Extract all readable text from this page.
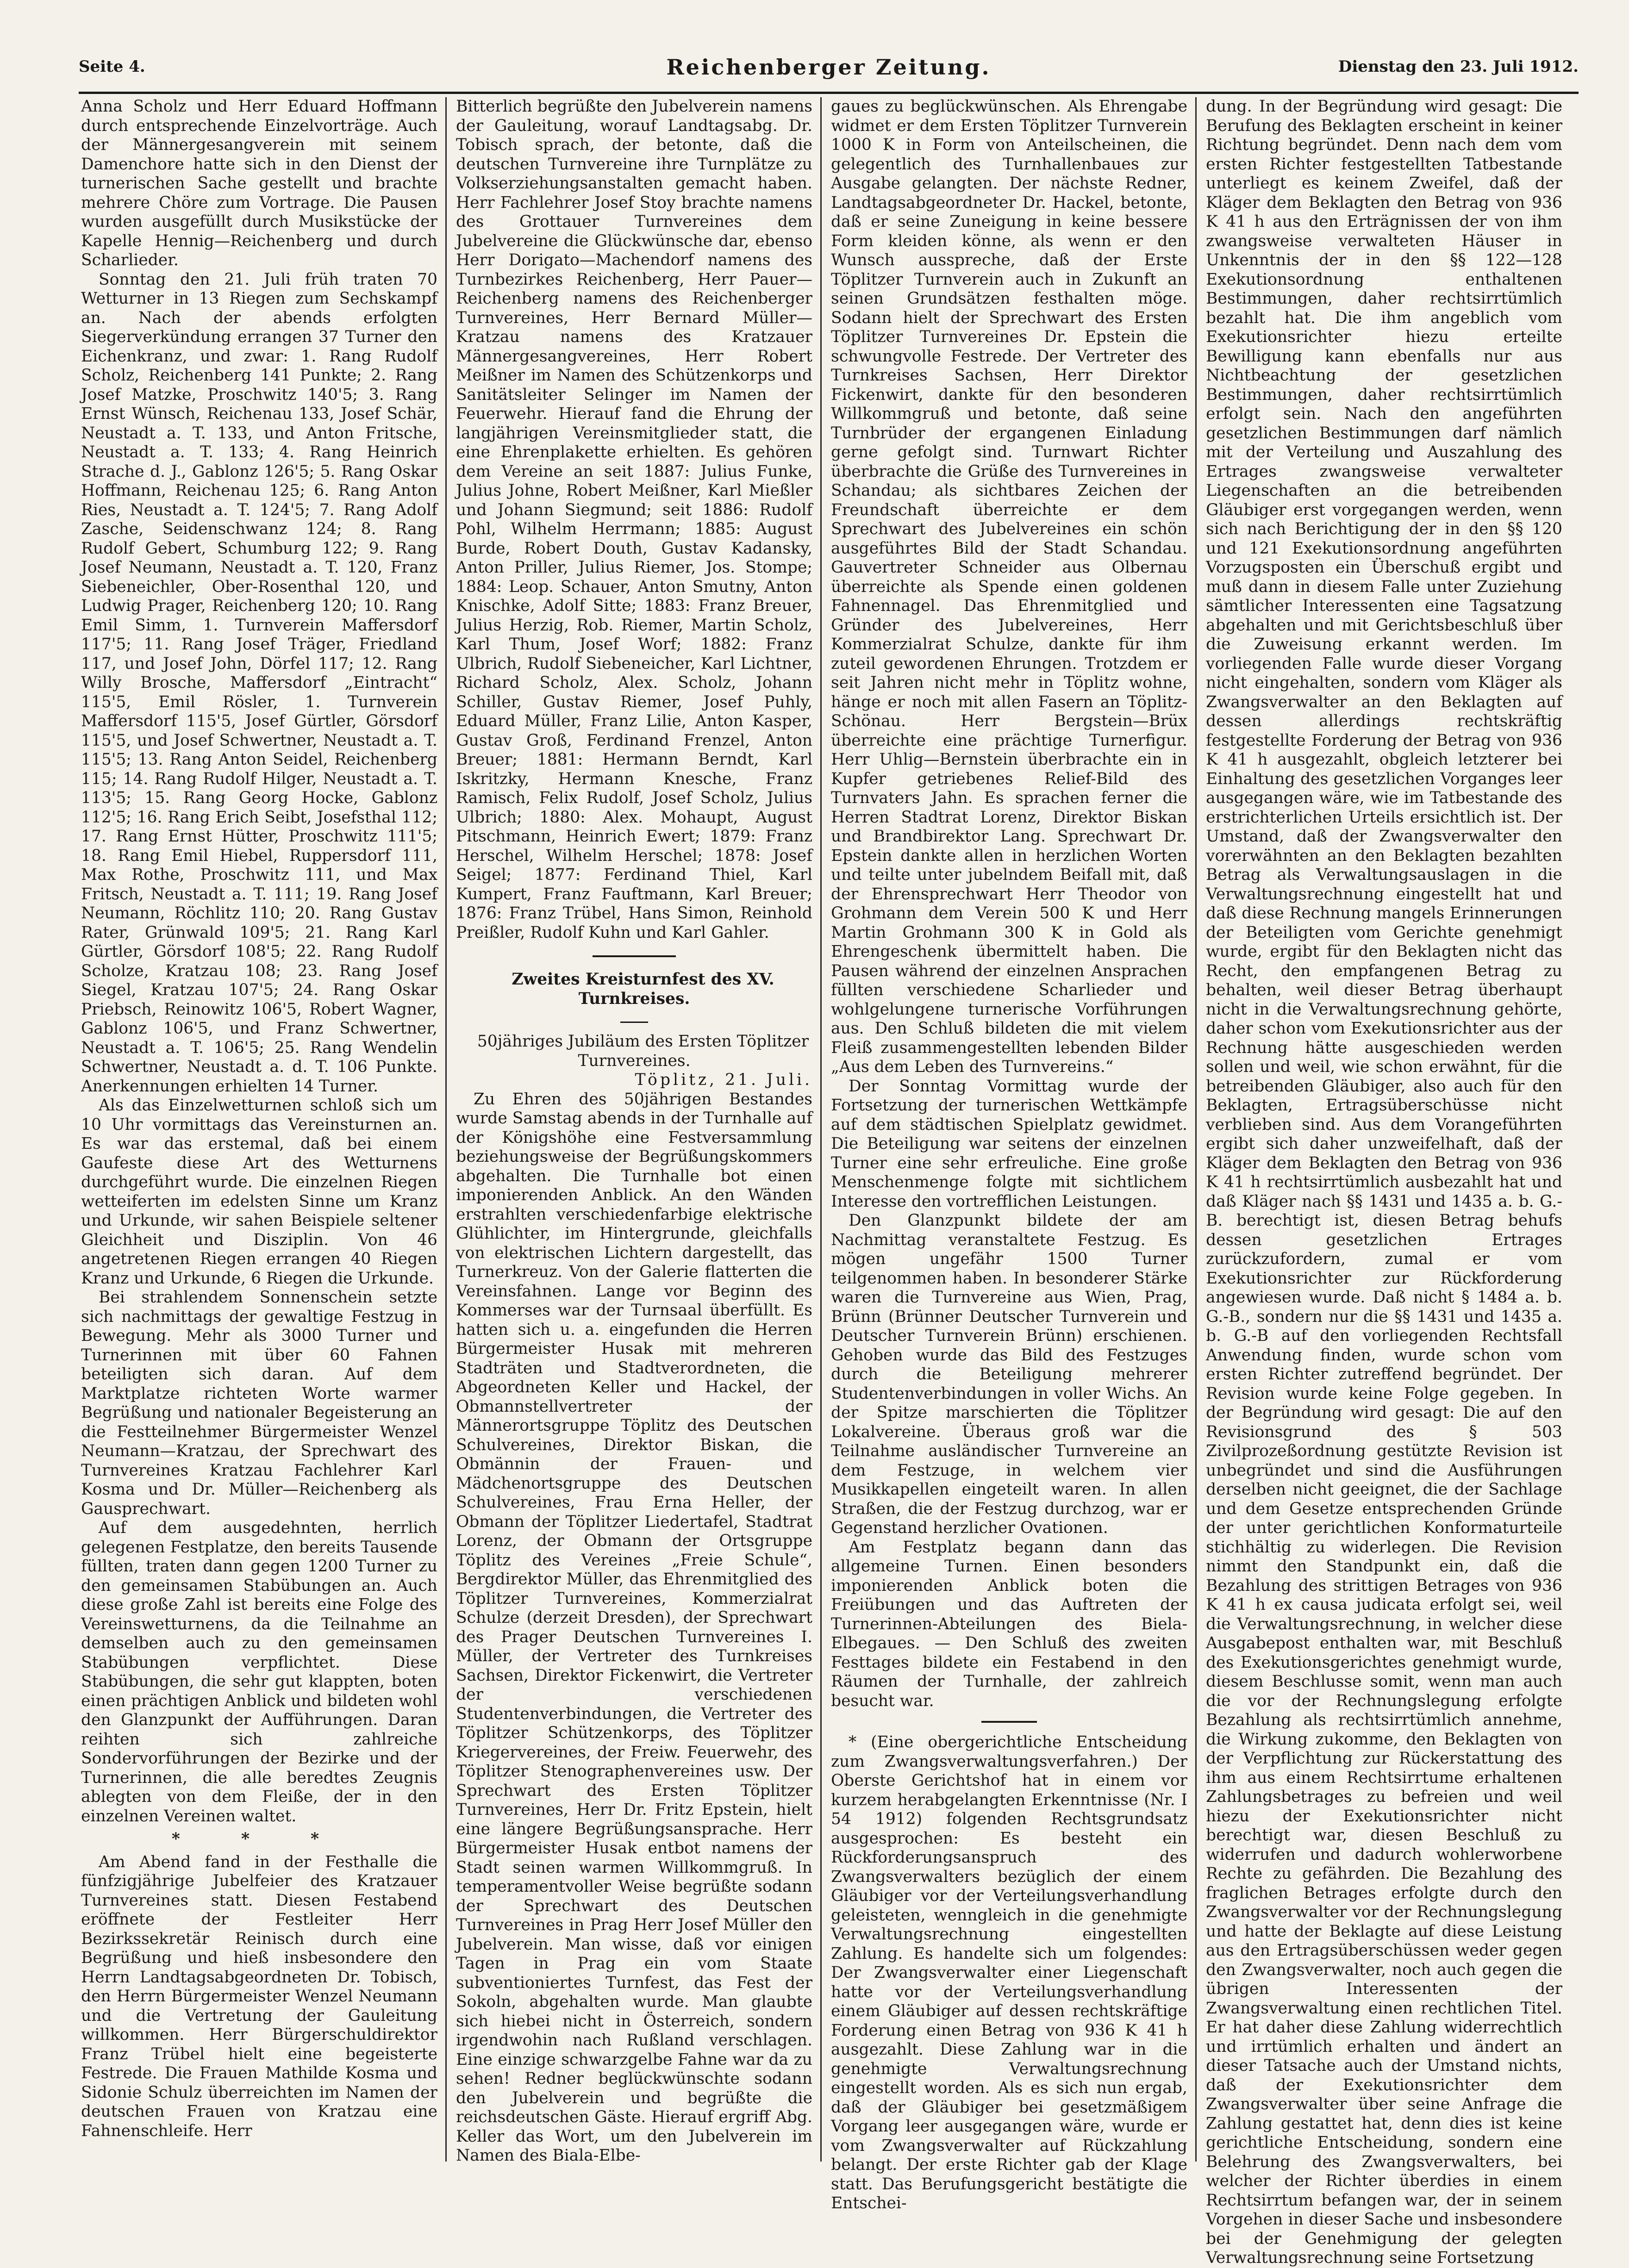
Seite 4.	Reichenberger Zeitung.	Dienstag den 23. Juli 1912.

Anna Scholz und Herr Eduard Hoffmann durch entsprechende Einzelvorträge. Auch der Männergesangverein mit seinem Damenchore hatte sich in den Dienst der turnerischen Sache gestellt und brachte mehrere Chöre zum Vortrage. Die Pausen wurden ausgefüllt durch Musikstücke der Kapelle Hennig—Reichenberg und durch Scharlieder.

Sonntag den 21. Juli früh traten 70 Wetturner in 13 Riegen zum Sechskampf an. Nach der abends erfolgten Siegerverkündung errangen 37 Turner den Eichenkranz, und zwar: 1. Rang Rudolf Scholz, Reichenberg 141 Punkte; 2. Rang Josef Matzke, Proschwitz 140'5; 3. Rang Ernst Wünsch, Reichenau 133, Josef Schär, Neustadt a. T. 133, und Anton Fritsche, Neustadt a. T. 133; 4. Rang Heinrich Strache d. J., Gablonz 126'5; 5. Rang Oskar Hoffmann, Reichenau 125; 6. Rang Anton Ries, Neustadt a. T. 124'5; 7. Rang Adolf Zasche, Seidenschwanz 124; 8. Rang Rudolf Gebert, Schumburg 122; 9. Rang Josef Neumann, Neustadt a. T. 120, Franz Siebeneichler, Ober-Rosenthal 120, und Ludwig Prager, Reichenberg 120; 10. Rang Emil Simm, 1. Turnverein Maffersdorf 117'5; 11. Rang Josef Träger, Friedland 117, und Josef John, Dörfel 117; 12. Rang Willy Brosche, Maffersdorf „Eintracht“ 115'5, Emil Rösler, 1. Turnverein Maffersdorf 115'5, Josef Gürtler, Görsdorf 115'5, und Josef Schwertner, Neustadt a. T. 115'5; 13. Rang Anton Seidel, Reichenberg 115; 14. Rang Rudolf Hilger, Neustadt a. T. 113'5; 15. Rang Georg Hocke, Gablonz 112'5; 16. Rang Erich Seibt, Josefsthal 112; 17. Rang Ernst Hütter, Proschwitz 111'5; 18. Rang Emil Hiebel, Ruppersdorf 111, Max Rothe, Proschwitz 111, und Max Fritsch, Neustadt a. T. 111; 19. Rang Josef Neumann, Röchlitz 110; 20. Rang Gustav Rater, Grünwald 109'5; 21. Rang Karl Gürtler, Görsdorf 108'5; 22. Rang Rudolf Scholze, Kratzau 108; 23. Rang Josef Siegel, Kratzau 107'5; 24. Rang Oskar Priebsch, Reinowitz 106'5, Robert Wagner, Gablonz 106'5, und Franz Schwertner, Neustadt a. T. 106'5; 25. Rang Wendelin Schwertner, Neustadt a. d. T. 106 Punkte. Anerkennungen erhielten 14 Turner.

Als das Einzelwetturnen schloß sich um 10 Uhr vormittags das Vereinsturnen an. Es war das erstemal, daß bei einem Gaufeste diese Art des Wetturnens durchgeführt wurde. Die einzelnen Riegen wetteiferten im edelsten Sinne um Kranz und Urkunde, wir sahen Beispiele seltener Gleichheit und Disziplin. Von 46 angetretenen Riegen errangen 40 Riegen Kranz und Urkunde, 6 Riegen die Urkunde.

Bei strahlendem Sonnenschein setzte sich nachmittags der gewaltige Festzug in Bewegung. Mehr als 3000 Turner und Turnerinnen mit über 60 Fahnen beteiligten sich daran. Auf dem Marktplatze richteten Worte warmer Begrüßung und nationaler Begeisterung an die Festteilnehmer Bürgermeister Wenzel Neumann—Kratzau, der Sprechwart des Turnvereines Kratzau Fachlehrer Karl Kosma und Dr. Müller—Reichenberg als Gausprechwart.

Auf dem ausgedehnten, herrlich gelegenen Festplatze, den bereits Tausende füllten, traten dann gegen 1200 Turner zu den gemeinsamen Stabübungen an. Auch diese große Zahl ist bereits eine Folge des Vereinswetturnens, da die Teilnahme an demselben auch zu den gemeinsamen Stabübungen verpflichtet. Diese Stabübungen, die sehr gut klappten, boten einen prächtigen Anblick und bildeten wohl den Glanzpunkt der Aufführungen. Daran reihten sich zahlreiche Sondervorführungen der Bezirke und der Turnerinnen, die alle beredtes Zeugnis ablegten von dem Fleiße, der in den einzelnen Vereinen waltet.

* * *

Am Abend fand in der Festhalle die fünfzigjährige Jubelfeier des Kratzauer Turnvereines statt. Diesen Festabend eröffnete der Festleiter Herr Bezirkssekretär Reinisch durch eine Begrüßung und hieß insbesondere den Herrn Landtagsabgeordneten Dr. Tobisch, den Herrn Bürgermeister Wenzel Neumann und die Vertretung der Gauleitung willkommen. Herr Bürgerschuldirektor Franz Trübel hielt eine begeisterte Festrede. Die Frauen Mathilde Kosma und Sidonie Schulz überreichten im Namen der deutschen Frauen von Kratzau eine Fahnenschleife. Herr

Bitterlich begrüßte den Jubelverein namens der Gauleitung, worauf Landtagsabg. Dr. Tobisch sprach, der betonte, daß die deutschen Turnvereine ihre Turnplätze zu Volkserziehungsanstalten gemacht haben. Herr Fachlehrer Josef Stoy brachte namens des Grottauer Turnvereines dem Jubelvereine die Glückwünsche dar, ebenso Herr Dorigato—Machendorf namens des Turnbezirkes Reichenberg, Herr Pauer—Reichenberg namens des Reichenberger Turnvereines, Herr Bernard Müller—Kratzau namens des Kratzauer Männergesangvereines, Herr Robert Meißner im Namen des Schützenkorps und Sanitätsleiter Selinger im Namen der Feuerwehr. Hierauf fand die Ehrung der langjährigen Vereinsmitglieder statt, die eine Ehrenplakette erhielten. Es gehören dem Vereine an seit 1887: Julius Funke, Julius Johne, Robert Meißner, Karl Mießler und Johann Siegmund; seit 1886: Rudolf Pohl, Wilhelm Herrmann; 1885: August Burde, Robert Douth, Gustav Kadansky, Anton Priller, Julius Riemer, Jos. Stompe; 1884: Leop. Schauer, Anton Smutny, Anton Knischke, Adolf Sitte; 1883: Franz Breuer, Julius Herzig, Rob. Riemer, Martin Scholz, Karl Thum, Josef Worf; 1882: Franz Ulbrich, Rudolf Siebeneicher, Karl Lichtner, Richard Scholz, Alex. Scholz, Johann Schiller, Gustav Riemer, Josef Puhly, Eduard Müller, Franz Lilie, Anton Kasper, Gustav Groß, Ferdinand Frenzel, Anton Breuer; 1881: Hermann Berndt, Karl Iskritzky, Hermann Knesche, Franz Ramisch, Felix Rudolf, Josef Scholz, Julius Ulbrich; 1880: Alex. Mohaupt, August Pitschmann, Heinrich Ewert; 1879: Franz Herschel, Wilhelm Herschel; 1878: Josef Seigel; 1877: Ferdinand Thiel, Karl Kumpert, Franz Fauftmann, Karl Breuer; 1876: Franz Trübel, Hans Simon, Reinhold Preißler, Rudolf Kuhn und Karl Gahler.

Zweites Kreisturnfest des XV. Turnkreises.

50jähriges Jubiläum des Ersten Töplitzer Turnvereines.

Töplitz, 21. Juli.

Zu Ehren des 50jährigen Bestandes wurde Samstag abends in der Turnhalle auf der Königshöhe eine Festversammlung beziehungsweise der Begrüßungskommers abgehalten. Die Turnhalle bot einen imponierenden Anblick. An den Wänden erstrahlten verschiedenfarbige elektrische Glühlichter, im Hintergrunde, gleichfalls von elektrischen Lichtern dargestellt, das Turnerkreuz. Von der Galerie flatterten die Vereinsfahnen. Lange vor Beginn des Kommerses war der Turnsaal überfüllt. Es hatten sich u. a. eingefunden die Herren Bürgermeister Husak mit mehreren Stadträten und Stadtverordneten, die Abgeordneten Keller und Hackel, der Obmannstellvertreter der Männerortsgruppe Töplitz des Deutschen Schulvereines, Direktor Biskan, die Obmännin der Frauen- und Mädchenortsgruppe des Deutschen Schulvereines, Frau Erna Heller, der Obmann der Töplitzer Liedertafel, Stadtrat Lorenz, der Obmann der Ortsgruppe Töplitz des Vereines „Freie Schule“, Bergdirektor Müller, das Ehrenmitglied des Töplitzer Turnvereines, Kommerzialrat Schulze (derzeit Dresden), der Sprechwart des Prager Deutschen Turnvereines I. Müller, der Vertreter des Turnkreises Sachsen, Direktor Fickenwirt, die Vertreter der verschiedenen Studentenverbindungen, die Vertreter des Töplitzer Schützenkorps, des Töplitzer Kriegervereines, der Freiw. Feuerwehr, des Töplitzer Stenographenvereines usw. Der Sprechwart des Ersten Töplitzer Turnvereines, Herr Dr. Fritz Epstein, hielt eine längere Begrüßungsansprache. Herr Bürgermeister Husak entbot namens der Stadt seinen warmen Willkommgruß. In temperamentvoller Weise begrüßte sodann der Sprechwart des Deutschen Turnvereines in Prag Herr Josef Müller den Jubelverein. Man wisse, daß vor einigen Tagen in Prag ein vom Staate subventioniertes Turnfest, das Fest der Sokoln, abgehalten wurde. Man glaubte sich hiebei nicht in Österreich, sondern irgendwohin nach Rußland verschlagen. Eine einzige schwarzgelbe Fahne war da zu sehen! Redner beglückwünschte sodann den Jubelverein und begrüßte die reichsdeutschen Gäste. Hierauf ergriff Abg. Keller das Wort, um den Jubelverein im Namen des Biala-Elbe-

gaues zu beglückwünschen. Als Ehrengabe widmet er dem Ersten Töplitzer Turnverein 1000 K in Form von Anteilscheinen, die gelegentlich des Turnhallenbaues zur Ausgabe gelangten. Der nächste Redner, Landtagsabgeordneter Dr. Hackel, betonte, daß er seine Zuneigung in keine bessere Form kleiden könne, als wenn er den Wunsch ausspreche, daß der Erste Töplitzer Turnverein auch in Zukunft an seinen Grundsätzen festhalten möge. Sodann hielt der Sprechwart des Ersten Töplitzer Turnvereines Dr. Epstein die schwungvolle Festrede. Der Vertreter des Turnkreises Sachsen, Herr Direktor Fickenwirt, dankte für den besonderen Willkommgruß und betonte, daß seine Turnbrüder der ergangenen Einladung gerne gefolgt sind. Turnwart Richter überbrachte die Grüße des Turnvereines in Schandau; als sichtbares Zeichen der Freundschaft überreichte er dem Sprechwart des Jubelvereines ein schön ausgeführtes Bild der Stadt Schandau. Gauvertreter Schneider aus Olbernau überreichte als Spende einen goldenen Fahnennagel. Das Ehrenmitglied und Gründer des Jubelvereines, Herr Kommerzialrat Schulze, dankte für ihm zuteil gewordenen Ehrungen. Trotzdem er seit Jahren nicht mehr in Töplitz wohne, hänge er noch mit allen Fasern an Töplitz-Schönau. Herr Bergstein—Brüx überreichte eine prächtige Turnerfigur. Herr Uhlig—Bernstein überbrachte ein in Kupfer getriebenes Relief-Bild des Turnvaters Jahn. Es sprachen ferner die Herren Stadtrat Lorenz, Direktor Biskan und Brandbirektor Lang. Sprechwart Dr. Epstein dankte allen in herzlichen Worten und teilte unter jubelndem Beifall mit, daß der Ehrensprechwart Herr Theodor von Grohmann dem Verein 500 K und Herr Martin Grohmann 300 K in Gold als Ehrengeschenk übermittelt haben. Die Pausen während der einzelnen Ansprachen füllten verschiedene Scharlieder und wohlgelungene turnerische Vorführungen aus. Den Schluß bildeten die mit vielem Fleiß zusammengestellten lebenden Bilder „Aus dem Leben des Turnvereins.“

Der Sonntag Vormittag wurde der Fortsetzung der turnerischen Wettkämpfe auf dem städtischen Spielplatz gewidmet. Die Beteiligung war seitens der einzelnen Turner eine sehr erfreuliche. Eine große Menschenmenge folgte mit sichtlichem Interesse den vortrefflichen Leistungen.

Den Glanzpunkt bildete der am Nachmittag veranstaltete Festzug. Es mögen ungefähr 1500 Turner teilgenommen haben. In besonderer Stärke waren die Turnvereine aus Wien, Prag, Brünn (Brünner Deutscher Turnverein und Deutscher Turnverein Brünn) erschienen. Gehoben wurde das Bild des Festzuges durch die Beteiligung mehrerer Studentenverbindungen in voller Wichs. An der Spitze marschierten die Töplitzer Lokalvereine. Überaus groß war die Teilnahme ausländischer Turnvereine an dem Festzuge, in welchem vier Musikkapellen eingeteilt waren. In allen Straßen, die der Festzug durchzog, war er Gegenstand herzlicher Ovationen.

Am Festplatz begann dann das allgemeine Turnen. Einen besonders imponierenden Anblick boten die Freiübungen und das Auftreten der Turnerinnen-Abteilungen des Biela-Elbegaues. — Den Schluß des zweiten Festtages bildete ein Festabend in den Räumen der Turnhalle, der zahlreich besucht war.

* (Eine obergerichtliche Entscheidung zum Zwangsverwaltungsverfahren.) Der Oberste Gerichtshof hat in einem vor kurzem herabgelangten Erkenntnisse (Nr. I 54 1912) folgenden Rechtsgrundsatz ausgesprochen: Es besteht ein Rückforderungsanspruch des Zwangsverwalters bezüglich der einem Gläubiger vor der Verteilungsverhandlung geleisteten, wenngleich in die genehmigte Verwaltungsrechnung eingestellten Zahlung. Es handelte sich um folgendes: Der Zwangsverwalter einer Liegenschaft hatte vor der Verteilungsverhandlung einem Gläubiger auf dessen rechtskräftige Forderung einen Betrag von 936 K 41 h ausgezahlt. Diese Zahlung war in die genehmigte Verwaltungsrechnung eingestellt worden. Als es sich nun ergab, daß der Gläubiger bei gesetzmäßigem Vorgang leer ausgegangen wäre, wurde er vom Zwangsverwalter auf Rückzahlung belangt. Der erste Richter gab der Klage statt. Das Berufungsgericht bestätigte die Entschei-

dung. In der Begründung wird gesagt: Die Berufung des Beklagten erscheint in keiner Richtung begründet. Denn nach dem vom ersten Richter festgestellten Tatbestande unterliegt es keinem Zweifel, daß der Kläger dem Beklagten den Betrag von 936 K 41 h aus den Erträgnissen der von ihm zwangsweise verwalteten Häuser in Unkenntnis der in den §§ 122—128 Exekutionsordnung enthaltenen Bestimmungen, daher rechtsirrtümlich bezahlt hat. Die ihm angeblich vom Exekutionsrichter hiezu erteilte Bewilligung kann ebenfalls nur aus Nichtbeachtung der gesetzlichen Bestimmungen, daher rechtsirrtümlich erfolgt sein. Nach den angeführten gesetzlichen Bestimmungen darf nämlich mit der Verteilung und Auszahlung des Ertrages zwangsweise verwalteter Liegenschaften an die betreibenden Gläubiger erst vorgegangen werden, wenn sich nach Berichtigung der in den §§ 120 und 121 Exekutionsordnung angeführten Vorzugsposten ein Überschuß ergibt und muß dann in diesem Falle unter Zuziehung sämtlicher Interessenten eine Tagsatzung abgehalten und mit Gerichtsbeschluß über die Zuweisung erkannt werden. Im vorliegenden Falle wurde dieser Vorgang nicht eingehalten, sondern vom Kläger als Zwangsverwalter an den Beklagten auf dessen allerdings rechtskräftig festgestellte Forderung der Betrag von 936 K 41 h ausgezahlt, obgleich letzterer bei Einhaltung des gesetzlichen Vorganges leer ausgegangen wäre, wie im Tatbestande des erstrichterlichen Urteils ersichtlich ist. Der Umstand, daß der Zwangsverwalter den vorerwähnten an den Beklagten bezahlten Betrag als Verwaltungsauslagen in die Verwaltungsrechnung eingestellt hat und daß diese Rechnung mangels Erinnerungen der Beteiligten vom Gerichte genehmigt wurde, ergibt für den Beklagten nicht das Recht, den empfangenen Betrag zu behalten, weil dieser Betrag überhaupt nicht in die Verwaltungsrechnung gehörte, daher schon vom Exekutionsrichter aus der Rechnung hätte ausgeschieden werden sollen und weil, wie schon erwähnt, für die betreibenden Gläubiger, also auch für den Beklagten, Ertragsüberschüsse nicht verblieben sind. Aus dem Vorangeführten ergibt sich daher unzweifelhaft, daß der Kläger dem Beklagten den Betrag von 936 K 41 h rechtsirrtümlich ausbezahlt hat und daß Kläger nach §§ 1431 und 1435 a. b. G.-B. berechtigt ist, diesen Betrag behufs dessen gesetzlichen Ertrages zurückzufordern, zumal er vom Exekutionsrichter zur Rückforderung angewiesen wurde. Daß nicht § 1484 a. b. G.-B., sondern nur die §§ 1431 und 1435 a. b. G.-B auf den vorliegenden Rechtsfall Anwendung finden, wurde schon vom ersten Richter zutreffend begründet. Der Revision wurde keine Folge gegeben. In der Begründung wird gesagt: Die auf den Revisionsgrund des § 503 Zivilprozeßordnung gestützte Revision ist unbegründet und sind die Ausführungen derselben nicht geeignet, die der Sachlage und dem Gesetze entsprechenden Gründe der unter gerichtlichen Konformaturteile stichhältig zu widerlegen. Die Revision nimmt den Standpunkt ein, daß die Bezahlung des strittigen Betrages von 936 K 41 h ex causa judicata erfolgt sei, weil die Verwaltungsrechnung, in welcher diese Ausgabepost enthalten war, mit Beschluß des Exekutionsgerichtes genehmigt wurde, diesem Beschlusse somit, wenn man auch die vor der Rechnungslegung erfolgte Bezahlung als rechtsirrtümlich annehme, die Wirkung zukomme, den Beklagten von der Verpflichtung zur Rückerstattung des ihm aus einem Rechtsirrtume erhaltenen Zahlungsbetrages zu befreien und weil hiezu der Exekutionsrichter nicht berechtigt war, diesen Beschluß zu widerrufen und dadurch wohlerworbene Rechte zu gefährden. Die Bezahlung des fraglichen Betrages erfolgte durch den Zwangsverwalter vor der Rechnungslegung und hatte der Beklagte auf diese Leistung aus den Ertragsüberschüssen weder gegen den Zwangsverwalter, noch auch gegen die übrigen Interessenten der Zwangsverwaltung einen rechtlichen Titel. Er hat daher diese Zahlung widerrechtlich und irrtümlich erhalten und ändert an dieser Tatsache auch der Umstand nichts, daß der Exekutionsrichter dem Zwangsverwalter über seine Anfrage die Zahlung gestattet hat, denn dies ist keine gerichtliche Entscheidung, sondern eine Belehrung des Zwangsverwalters, bei welcher der Richter überdies in einem Rechtsirrtum befangen war, der in seinem Vorgehen in dieser Sache und insbesondere bei der Genehmigung der gelegten Verwaltungsrechnung seine Fortsetzung
